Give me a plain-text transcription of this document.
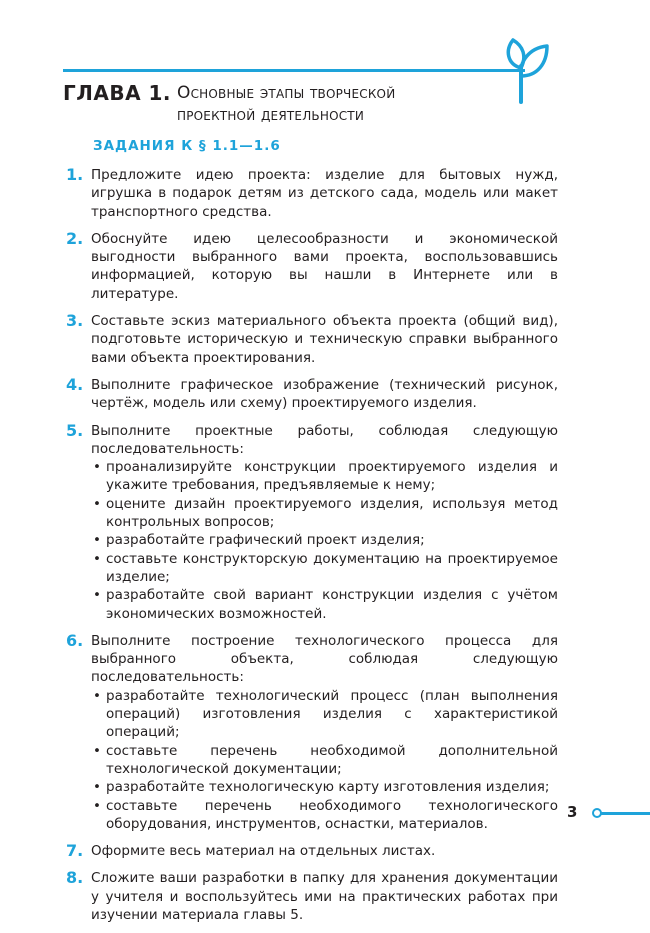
ГЛАВА 1. Основные этапы творческой
проектной деятельности
ЗАДАНИЯ К § 1.1—1.6
1. Предложите идею проекта: изделие для бытовых нужд, игрушка в подарок детям из детского сада, модель или макет транспортного средства.
2. Обоснуйте идею целесообразности и экономической выгодности выбранного вами проекта, воспользовавшись информацией, которую вы нашли в Интернете или в литературе.
3. Составьте эскиз материального объекта проекта (общий вид), подготовьте историческую и техническую справки выбранного вами объекта проектирования.
4. Выполните графическое изображение (технический рисунок, чертёж, модель или схему) проектируемого изделия.
5. Выполните проектные работы, соблюдая следующую последовательность:
• проанализируйте конструкции проектируемого изделия и укажите требования, предъявляемые к нему;
• оцените дизайн проектируемого изделия, используя метод контрольных вопросов;
• разработайте графический проект изделия;
• составьте конструкторскую документацию на проектируемое изделие;
• разработайте свой вариант конструкции изделия с учётом экономических возможностей.
6. Выполните построение технологического процесса для выбранного объекта, соблюдая следующую последовательность:
• разработайте технологический процесс (план выполнения операций) изготовления изделия с характеристикой операций;
• составьте перечень необходимой дополнительной технологической документации;
• разработайте технологическую карту изготовления изделия;
• составьте перечень необходимого технологического оборудования, инструментов, оснастки, материалов.
7. Оформите весь материал на отдельных листах.
8. Сложите ваши разработки в папку для хранения документации у учителя и воспользуйтесь ими на практических работах при изучении материала главы 5.
3
